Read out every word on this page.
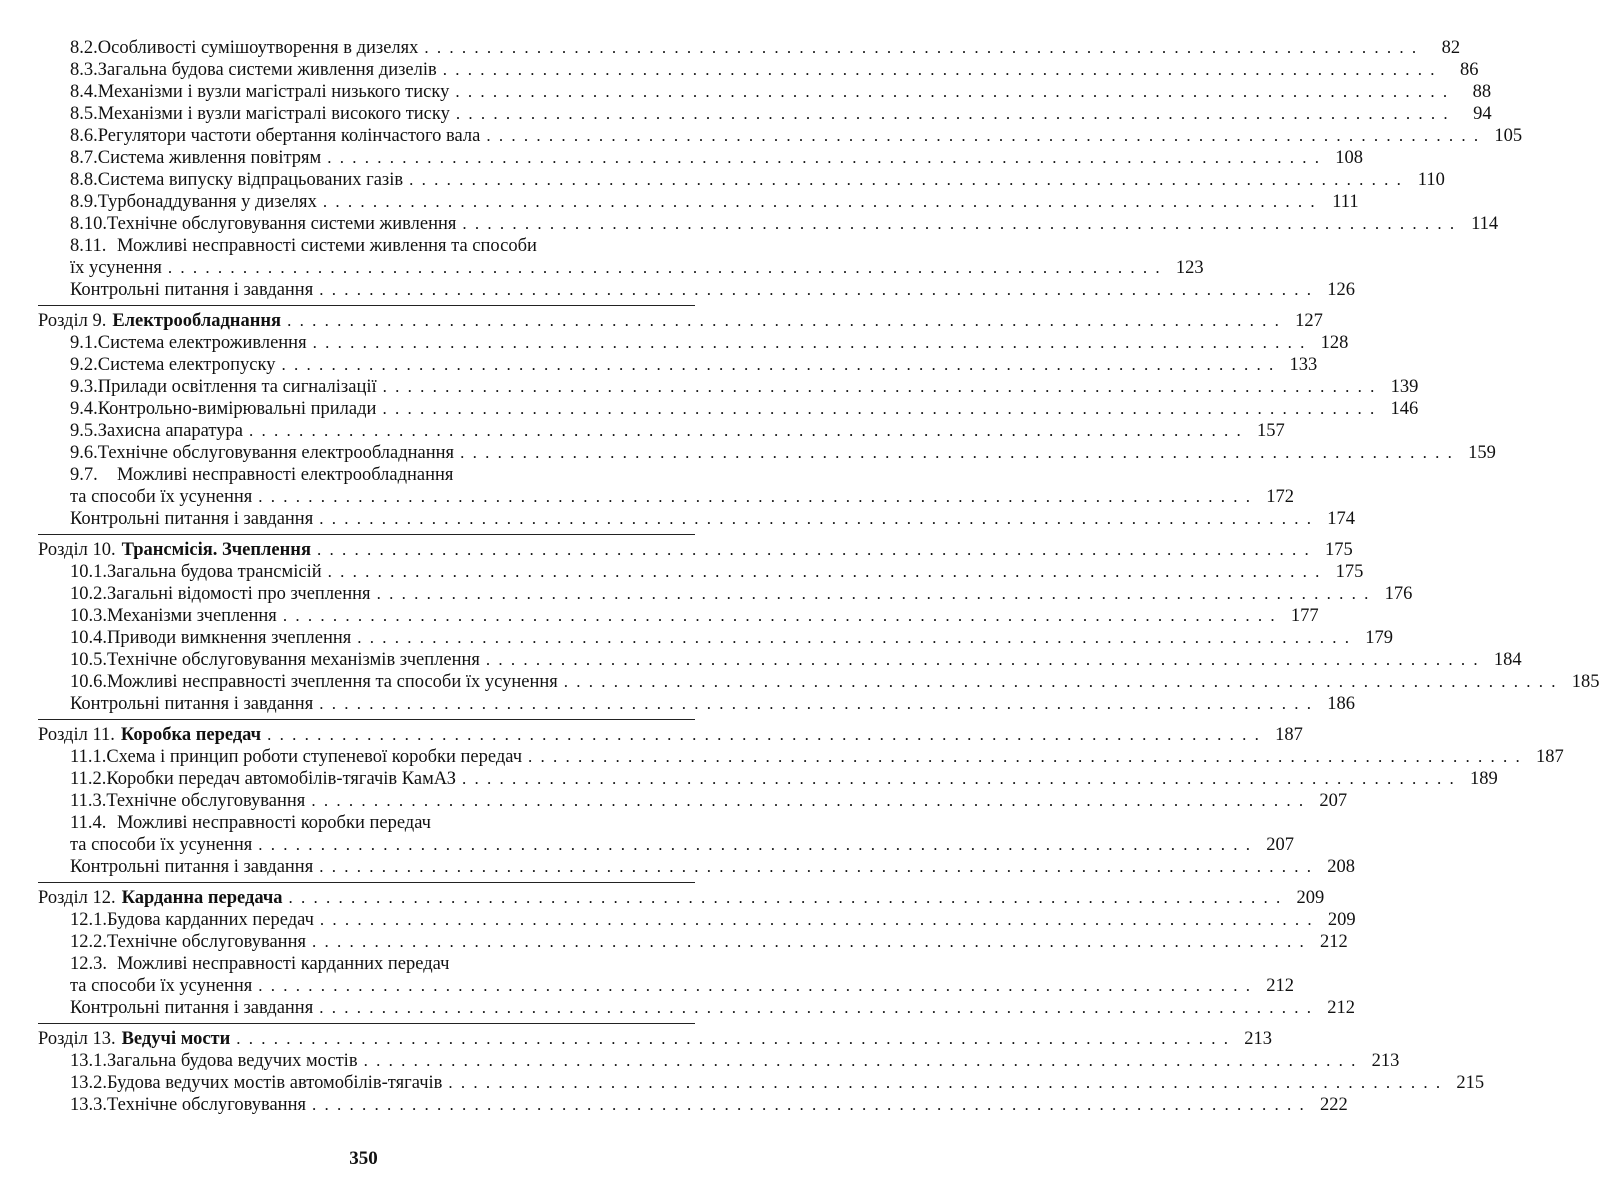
8.2. Особливості сумішоутворення в дизелях . . . . . . . . . . . . . . . . . . . . . . . . . . . . . . . . . . . . . . . . . . . . . . . . . . . . . . . . . . . . . . . . . . . . . . . . . . . . . . . .	82
8.3. Загальна будова системи живлення дизелів . . . . . . . . . . . . . . . . . . . . . . . . . . . . . . . . . . . . . . . . . . . . . . . . . . . . . . . . . . . . . . . . . . . . . . . . . . . . . . . .	86
8.4. Механізми і вузли магістралі низького тиску . . . . . . . . . . . . . . . . . . . . . . . . . . . . . . . . . . . . . . . . . . . . . . . . . . . . . . . . . . . . . . . . . . . . . . . . . . . . . . . .	88
8.5. Механізми і вузли магістралі високого тиску . . . . . . . . . . . . . . . . . . . . . . . . . . . . . . . . . . . . . . . . . . . . . . . . . . . . . . . . . . . . . . . . . . . . . . . . . . . . . . . .	94
8.6. Регулятори частоти обертання колінчастого вала . . . . . . . . . . . . . . . . . . . . . . . . . . . . . . . . . . . . . . . . . . . . . . . . . . . . . . . . . . . . . . . . . . . . . . . . . . . . . . . . 105
8.7. Система живлення повітрям . . . . . . . . . . . . . . . . . . . . . . . . . . . . . . . . . . . . . . . . . . . . . . . . . . . . . . . . . . . . . . . . . . . . . . . . . . . . . . . . 108
8.8. Система випуску відпрацьованих газів . . . . . . . . . . . . . . . . . . . . . . . . . . . . . . . . . . . . . . . . . . . . . . . . . . . . . . . . . . . . . . . . . . . . . . . . . . . . . . . . 110
8.9. Турбонаддування у дизелях . . . . . . . . . . . . . . . . . . . . . . . . . . . . . . . . . . . . . . . . . . . . . . . . . . . . . . . . . . . . . . . . . . . . . . . . . . . . . . . . 111
8.10. Технічне обслуговування системи живлення . . . . . . . . . . . . . . . . . . . . . . . . . . . . . . . . . . . . . . . . . . . . . . . . . . . . . . . . . . . . . . . . . . . . . . . . . . . . . . . . 114
8.11. Можливі несправності системи живлення та способи
їх усунення . . . . . . . . . . . . . . . . . . . . . . . . . . . . . . . . . . . . . . . . . . . . . . . . . . . . . . . . . . . . . . . . . . . . . . . . . . . . . . . . 123
Контрольні питання і завдання . . . . . . . . . . . . . . . . . . . . . . . . . . . . . . . . . . . . . . . . . . . . . . . . . . . . . . . . . . . . . . . . . . . . . . . . . . . . . . . . 126
Розділ 9. Електрообладнання . . . . . . . . . . . . . . . . . . . . . . . . . . . . . . . . . . . . . . . . . . . . . . . . . . . . . . . . . . . . . . . . . . . . . . . . . . . . . . . . 127
9.1. Система електроживлення . . . . . . . . . . . . . . . . . . . . . . . . . . . . . . . . . . . . . . . . . . . . . . . . . . . . . . . . . . . . . . . . . . . . . . . . . . . . . . . . 128
9.2. Система електропуску . . . . . . . . . . . . . . . . . . . . . . . . . . . . . . . . . . . . . . . . . . . . . . . . . . . . . . . . . . . . . . . . . . . . . . . . . . . . . . . . 133
9.3. Прилади освітлення та сигналізації . . . . . . . . . . . . . . . . . . . . . . . . . . . . . . . . . . . . . . . . . . . . . . . . . . . . . . . . . . . . . . . . . . . . . . . . . . . . . . . . 139
9.4. Контрольно-вимірювальні прилади . . . . . . . . . . . . . . . . . . . . . . . . . . . . . . . . . . . . . . . . . . . . . . . . . . . . . . . . . . . . . . . . . . . . . . . . . . . . . . . . 146
9.5. Захисна апаратура . . . . . . . . . . . . . . . . . . . . . . . . . . . . . . . . . . . . . . . . . . . . . . . . . . . . . . . . . . . . . . . . . . . . . . . . . . . . . . . . 157
9.6. Технічне обслуговування електрообладнання . . . . . . . . . . . . . . . . . . . . . . . . . . . . . . . . . . . . . . . . . . . . . . . . . . . . . . . . . . . . . . . . . . . . . . . . . . . . . . . . 159
9.7.	Можливі несправності електрообладнання
та способи їх усунення . . . . . . . . . . . . . . . . . . . . . . . . . . . . . . . . . . . . . . . . . . . . . . . . . . . . . . . . . . . . . . . . . . . . . . . . . . . . . . . . 172
Контрольні питання і завдання . . . . . . . . . . . . . . . . . . . . . . . . . . . . . . . . . . . . . . . . . . . . . . . . . . . . . . . . . . . . . . . . . . . . . . . . . . . . . . . . 174
Розділ 10. Трансмісія. Зчеплення . . . . . . . . . . . . . . . . . . . . . . . . . . . . . . . . . . . . . . . . . . . . . . . . . . . . . . . . . . . . . . . . . . . . . . . . . . . . . . . . 175
10.1. Загальна будова трансмісій . . . . . . . . . . . . . . . . . . . . . . . . . . . . . . . . . . . . . . . . . . . . . . . . . . . . . . . . . . . . . . . . . . . . . . . . . . . . . . . . 175
10.2. Загальні відомості про зчеплення . . . . . . . . . . . . . . . . . . . . . . . . . . . . . . . . . . . . . . . . . . . . . . . . . . . . . . . . . . . . . . . . . . . . . . . . . . . . . . . . 176
10.3. Механізми зчеплення . . . . . . . . . . . . . . . . . . . . . . . . . . . . . . . . . . . . . . . . . . . . . . . . . . . . . . . . . . . . . . . . . . . . . . . . . . . . . . . . 177
10.4. Приводи вимкнення зчеплення . . . . . . . . . . . . . . . . . . . . . . . . . . . . . . . . . . . . . . . . . . . . . . . . . . . . . . . . . . . . . . . . . . . . . . . . . . . . . . . . 179
10.5. Технічне обслуговування механізмів зчеплення . . . . . . . . . . . . . . . . . . . . . . . . . . . . . . . . . . . . . . . . . . . . . . . . . . . . . . . . . . . . . . . . . . . . . . . . . . . . . . . . 184
10.6. Можливі несправності зчеплення та способи їх усунення . . . . . . . . . . . . . . . . . . . . . . . . . . . . . . . . . . . . . . . . . . . . . . . . . . . . . . . . . . . . . . . . . . . . . . . . . . . . . . . . 185
Контрольні питання і завдання . . . . . . . . . . . . . . . . . . . . . . . . . . . . . . . . . . . . . . . . . . . . . . . . . . . . . . . . . . . . . . . . . . . . . . . . . . . . . . . . 186
Розділ 11. Коробка передач . . . . . . . . . . . . . . . . . . . . . . . . . . . . . . . . . . . . . . . . . . . . . . . . . . . . . . . . . . . . . . . . . . . . . . . . . . . . . . . . 187
11.1. Схема і принцип роботи ступеневої коробки передач . . . . . . . . . . . . . . . . . . . . . . . . . . . . . . . . . . . . . . . . . . . . . . . . . . . . . . . . . . . . . . . . . . . . . . . . . . . . . . . . 187
11.2. Коробки передач автомобілів-тягачів КамАЗ . . . . . . . . . . . . . . . . . . . . . . . . . . . . . . . . . . . . . . . . . . . . . . . . . . . . . . . . . . . . . . . . . . . . . . . . . . . . . . . . 189
11.3. Технічне обслуговування . . . . . . . . . . . . . . . . . . . . . . . . . . . . . . . . . . . . . . . . . . . . . . . . . . . . . . . . . . . . . . . . . . . . . . . . . . . . . . . . 207
11.4. Можливі несправності коробки передач
та способи їх усунення . . . . . . . . . . . . . . . . . . . . . . . . . . . . . . . . . . . . . . . . . . . . . . . . . . . . . . . . . . . . . . . . . . . . . . . . . . . . . . . . 207
Контрольні питання і завдання . . . . . . . . . . . . . . . . . . . . . . . . . . . . . . . . . . . . . . . . . . . . . . . . . . . . . . . . . . . . . . . . . . . . . . . . . . . . . . . . 208
Розділ 12. Карданна передача . . . . . . . . . . . . . . . . . . . . . . . . . . . . . . . . . . . . . . . . . . . . . . . . . . . . . . . . . . . . . . . . . . . . . . . . . . . . . . . . 209
12.1. Будова карданних передач . . . . . . . . . . . . . . . . . . . . . . . . . . . . . . . . . . . . . . . . . . . . . . . . . . . . . . . . . . . . . . . . . . . . . . . . . . . . . . . . 209
12.2. Технічне обслуговування . . . . . . . . . . . . . . . . . . . . . . . . . . . . . . . . . . . . . . . . . . . . . . . . . . . . . . . . . . . . . . . . . . . . . . . . . . . . . . . . 212
12.3. Можливі несправності карданних передач
та способи їх усунення . . . . . . . . . . . . . . . . . . . . . . . . . . . . . . . . . . . . . . . . . . . . . . . . . . . . . . . . . . . . . . . . . . . . . . . . . . . . . . . . 212
Контрольні питання і завдання . . . . . . . . . . . . . . . . . . . . . . . . . . . . . . . . . . . . . . . . . . . . . . . . . . . . . . . . . . . . . . . . . . . . . . . . . . . . . . . . 212
Розділ 13. Ведучі мости . . . . . . . . . . . . . . . . . . . . . . . . . . . . . . . . . . . . . . . . . . . . . . . . . . . . . . . . . . . . . . . . . . . . . . . . . . . . . . . . 213
13.1. Загальна будова ведучих мостів . . . . . . . . . . . . . . . . . . . . . . . . . . . . . . . . . . . . . . . . . . . . . . . . . . . . . . . . . . . . . . . . . . . . . . . . . . . . . . . . 213
13.2. Будова ведучих мостів автомобілів-тягачів . . . . . . . . . . . . . . . . . . . . . . . . . . . . . . . . . . . . . . . . . . . . . . . . . . . . . . . . . . . . . . . . . . . . . . . . . . . . . . . . 215
13.3. Технічне обслуговування . . . . . . . . . . . . . . . . . . . . . . . . . . . . . . . . . . . . . . . . . . . . . . . . . . . . . . . . . . . . . . . . . . . . . . . . . . . . . . . . 222
350
